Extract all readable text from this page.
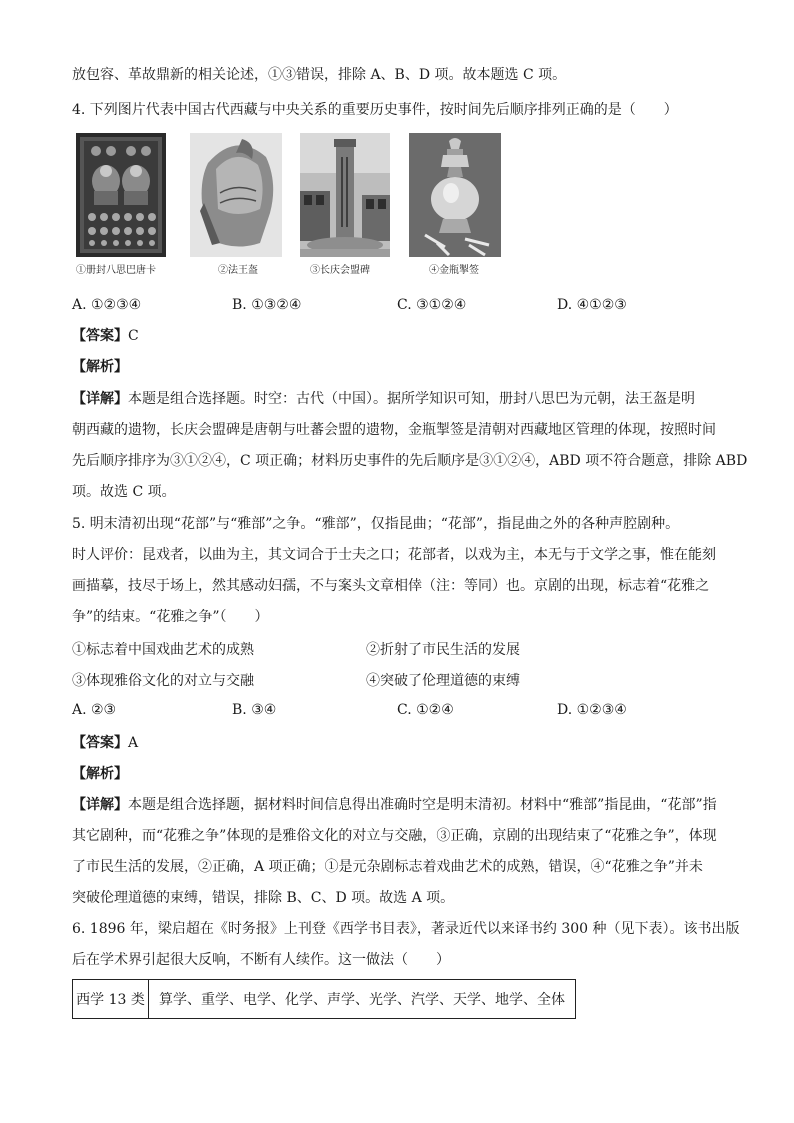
放包容、革故鼎新的相关论述，①③错误，排除 A、B、D 项。故本题选 C 项。
4. 下列图片代表中国古代西藏与中央关系的重要历史事件，按时间先后顺序排列正确的是（　　）
①册封八思巴唐卡	②法王盔	③长庆会盟碑	④金瓶掣签
A. ①②③④	B. ①③②④	C. ③①②④	D. ④①②③
【答案】C
【解析】
【详解】本题是组合选择题。时空：古代（中国）。据所学知识可知，册封八思巴为元朝，法王盔是明
朝西藏的遗物，长庆会盟碑是唐朝与吐蕃会盟的遗物，金瓶掣签是清朝对西藏地区管理的体现，按照时间
先后顺序排序为③①②④，C 项正确；材料历史事件的先后顺序是③①②④，ABD 项不符合题意，排除 ABD
项。故选 C 项。
5. 明末清初出现“花部”与“雅部”之争。“雅部”，仅指昆曲；“花部”，指昆曲之外的各种声腔剧种。
时人评价：昆戏者，以曲为主，其文词合于士夫之口；花部者，以戏为主，本无与于文学之事，惟在能刻
画描摹，技尽于场上，然其感动妇孺，不与案头文章相倖（注：等同）也。京剧的出现，标志着“花雅之
争”的结束。“花雅之争”（　　）
①标志着中国戏曲艺术的成熟	②折射了市民生活的发展
③体现雅俗文化的对立与交融	④突破了伦理道德的束缚
A. ②③	B. ③④	C. ①②④	D. ①②③④
【答案】A
【解析】
【详解】本题是组合选择题，据材料时间信息得出准确时空是明末清初。材料中“雅部”指昆曲，“花部”指
其它剧种，而“花雅之争”体现的是雅俗文化的对立与交融，③正确，京剧的出现结束了“花雅之争”，体现
了市民生活的发展，②正确，A 项正确；①是元杂剧标志着戏曲艺术的成熟，错误，④“花雅之争”并未
突破伦理道德的束缚，错误，排除 B、C、D 项。故选 A 项。
6. 1896 年，梁启超在《时务报》上刊登《西学书目表》，著录近代以来译书约 300 种（见下表）。该书出版
后在学术界引起很大反响，不断有人续作。这一做法（　　）
西学 13 类	算学、重学、电学、化学、声学、光学、汽学、天学、地学、全体
